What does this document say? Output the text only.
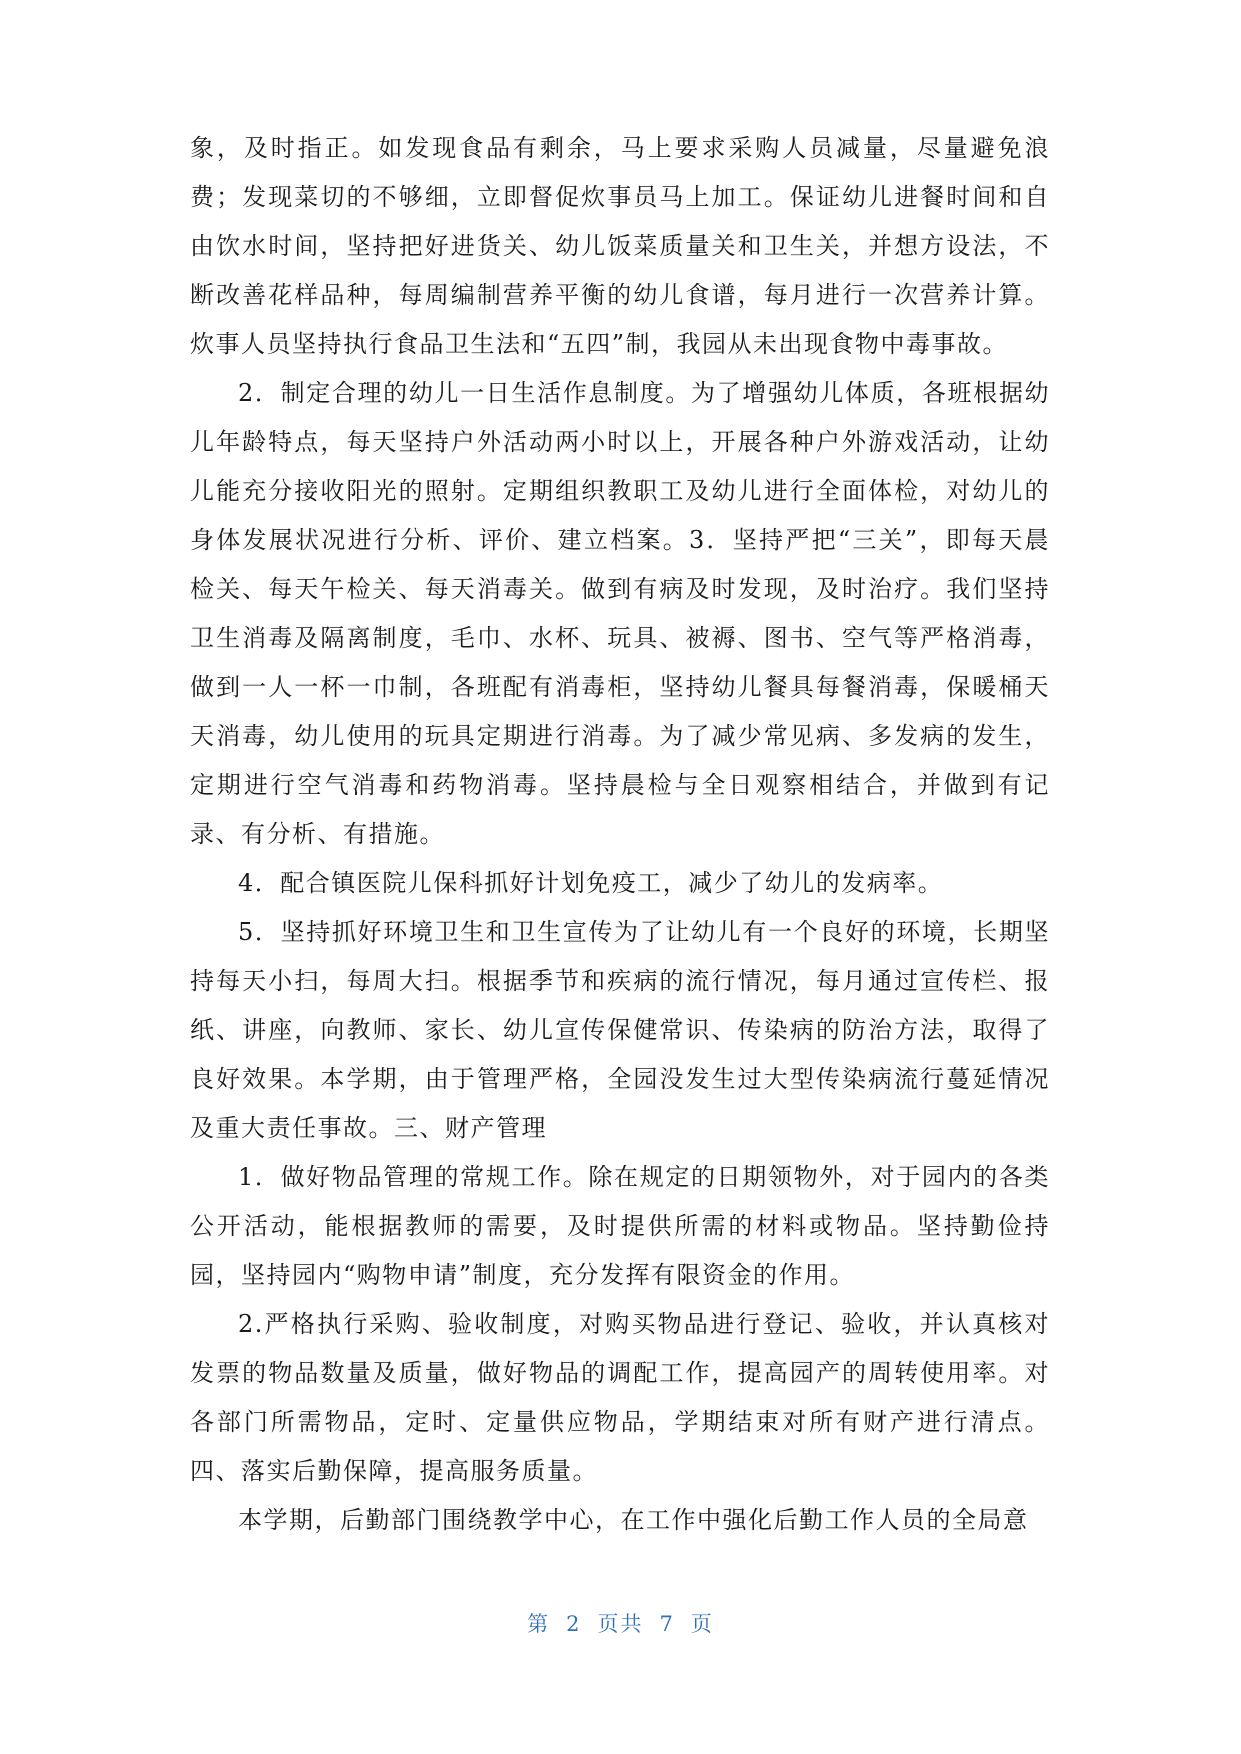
象，及时指正。如发现食品有剩余，马上要求采购人员减量，尽量避免浪费；发现菜切的不够细，立即督促炊事员马上加工。保证幼儿进餐时间和自由饮水时间，坚持把好进货关、幼儿饭菜质量关和卫生关，并想方设法，不断改善花样品种，每周编制营养平衡的幼儿食谱，每月进行一次营养计算。炊事人员坚持执行食品卫生法和“五四”制，我园从未出现食物中毒事故。

2．制定合理的幼儿一日生活作息制度。为了增强幼儿体质，各班根据幼儿年龄特点，每天坚持户外活动两小时以上，开展各种户外游戏活动，让幼儿能充分接收阳光的照射。定期组织教职工及幼儿进行全面体检，对幼儿的身体发展状况进行分析、评价、建立档案。3．坚持严把“三关”，即每天晨检关、每天午检关、每天消毒关。做到有病及时发现，及时治疗。我们坚持卫生消毒及隔离制度，毛巾、水杯、玩具、被褥、图书、空气等严格消毒，做到一人一杯一巾制，各班配有消毒柜，坚持幼儿餐具每餐消毒，保暖桶天天消毒，幼儿使用的玩具定期进行消毒。为了减少常见病、多发病的发生，定期进行空气消毒和药物消毒。坚持晨检与全日观察相结合，并做到有记录、有分析、有措施。

4．配合镇医院儿保科抓好计划免疫工，减少了幼儿的发病率。

5．坚持抓好环境卫生和卫生宣传为了让幼儿有一个良好的环境，长期坚持每天小扫，每周大扫。根据季节和疾病的流行情况，每月通过宣传栏、报纸、讲座，向教师、家长、幼儿宣传保健常识、传染病的防治方法，取得了良好效果。本学期，由于管理严格，全园没发生过大型传染病流行蔓延情况及重大责任事故。三、财产管理

1．做好物品管理的常规工作。除在规定的日期领物外，对于园内的各类公开活动，能根据教师的需要，及时提供所需的材料或物品。坚持勤俭持园，坚持园内“购物申请”制度，充分发挥有限资金的作用。

2.严格执行采购、验收制度，对购买物品进行登记、验收，并认真核对发票的物品数量及质量，做好物品的调配工作，提高园产的周转使用率。对各部门所需物品，定时、定量供应物品，学期结束对所有财产进行清点。四、落实后勤保障，提高服务质量。

本学期，后勤部门围绕教学中心，在工作中强化后勤工作人员的全局意

第 2 页共 7 页
